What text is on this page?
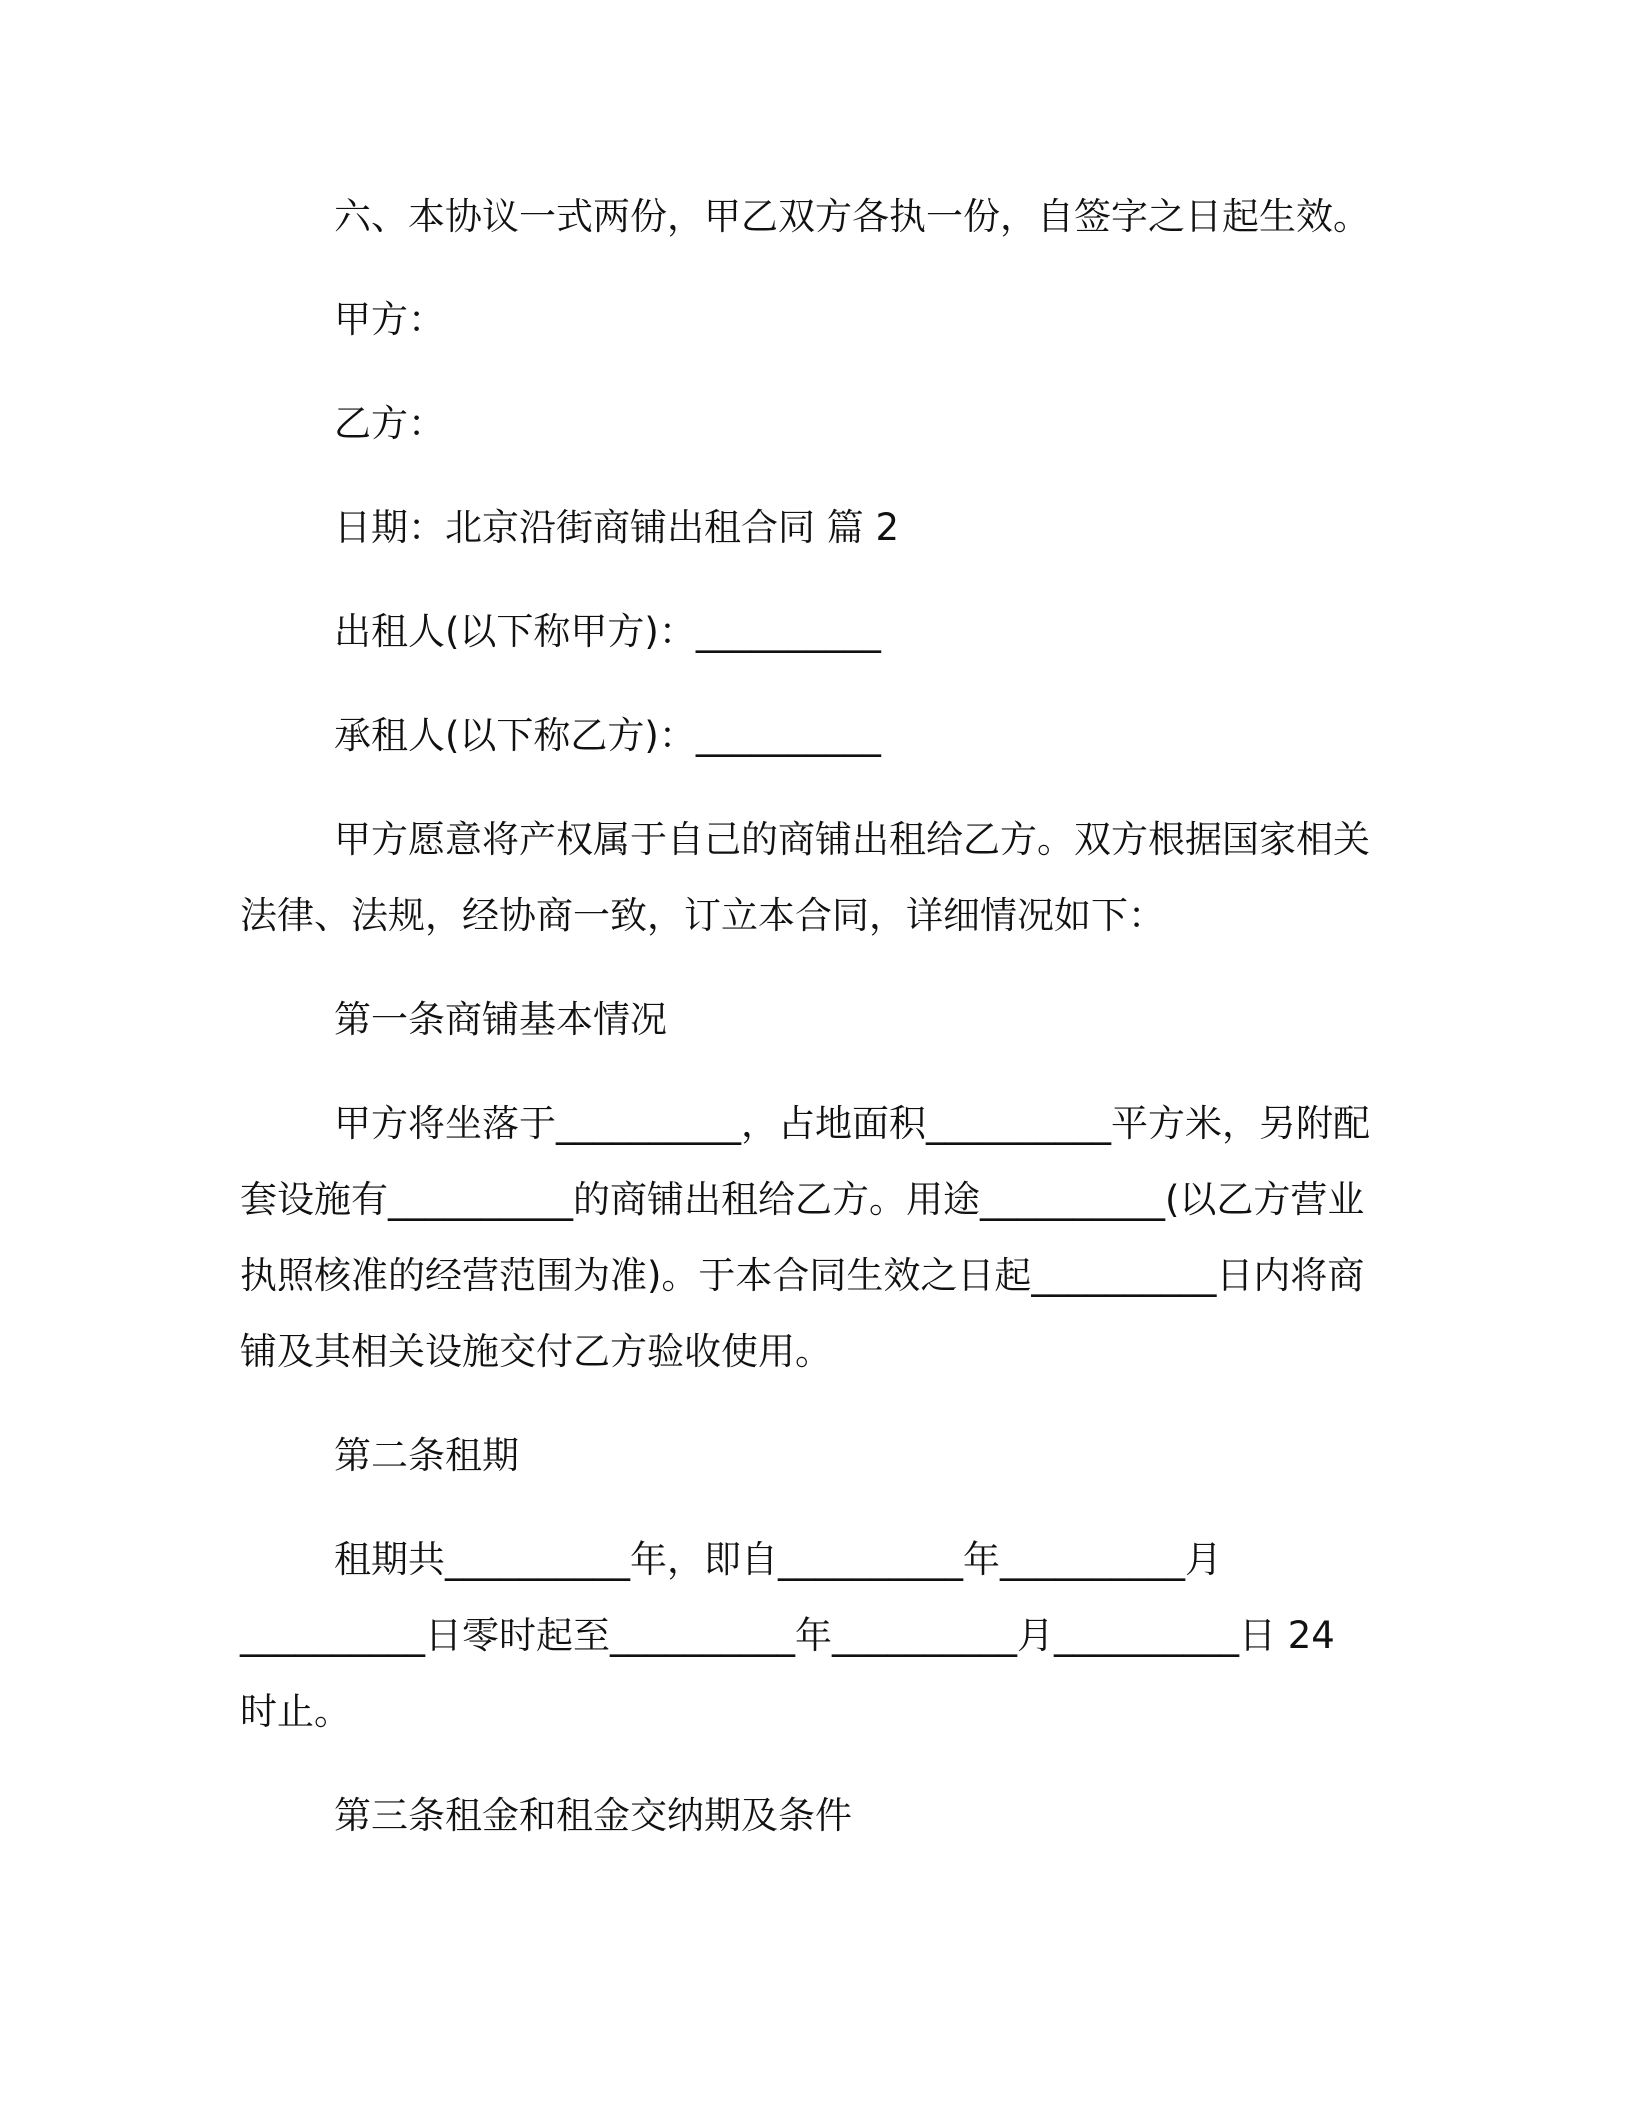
六、本协议一式两份，甲乙双方各执一份，自签字之日起生效。

甲方：

乙方：

日期：北京沿街商铺出租合同 篇 2

出租人(以下称甲方)：__________

承租人(以下称乙方)：__________

甲方愿意将产权属于自己的商铺出租给乙方。双方根据国家相关

法律、法规，经协商一致，订立本合同，详细情况如下：

第一条商铺基本情况

甲方将坐落于__________，占地面积__________平方米，另附配

套设施有__________的商铺出租给乙方。用途__________(以乙方营业

执照核准的经营范围为准)。于本合同生效之日起__________日内将商

铺及其相关设施交付乙方验收使用。

第二条租期

租期共__________年，即自__________年__________月

__________日零时起至__________年__________月__________日 24

时止。

第三条租金和租金交纳期及条件
